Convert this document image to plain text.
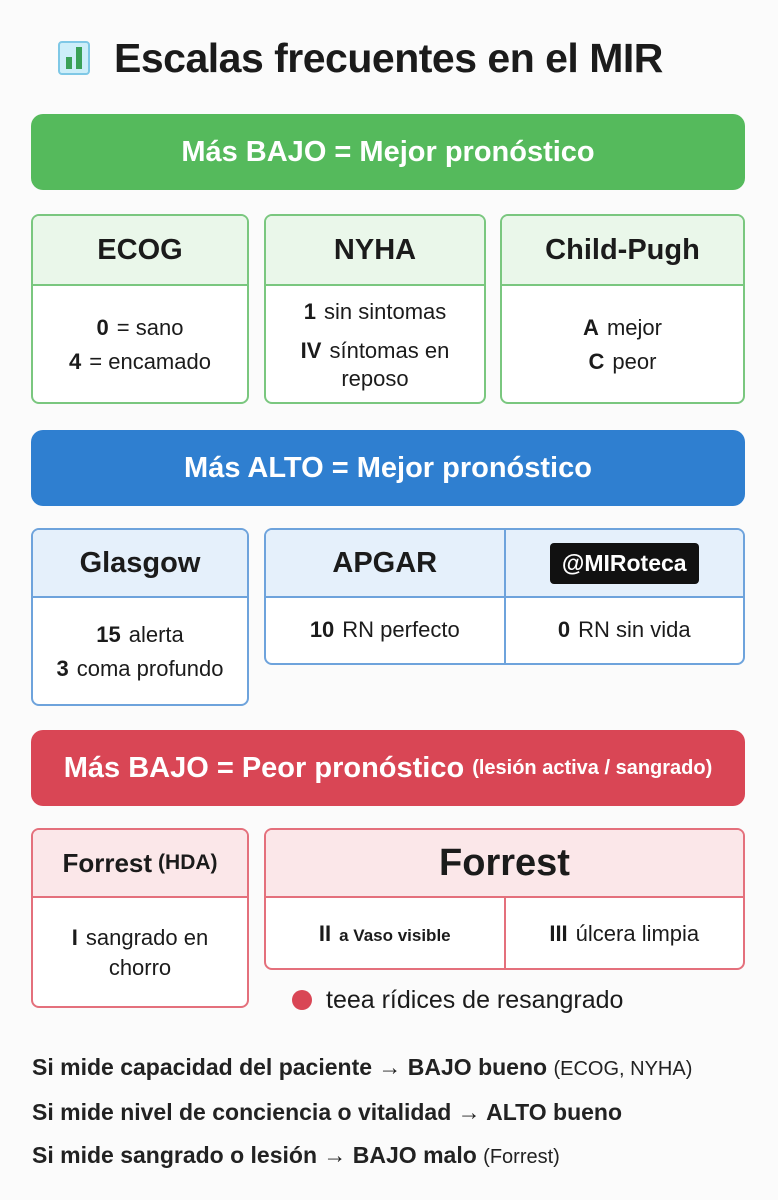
Escalas frecuentes en el MIR
Más BAJO = Mejor pronóstico
ECOG
0 = sano
4 = encamado
NYHA
1 sin sintomas
IV síntomas en reposo
Child-Pugh
A mejor
C peor
Más ALTO = Mejor pronóstico
Glasgow
15 alerta
3 coma profundo
APGAR
10 RN perfecto
@MIRoteca
0 RN sin vida
Más BAJO = Peor pronóstico (lesión activa / sangrado)
Forrest (HDA)
I sangrado en chorro
Forrest
II a Vaso visible	III úlcera limpia
teea rídices de resangrado
Si mide capacidad del paciente → BAJO bueno (ECOG, NYHA)
Si mide nivel de conciencia o vitalidad → ALTO bueno
Si mide sangrado o lesión → BAJO malo (Forrest)
